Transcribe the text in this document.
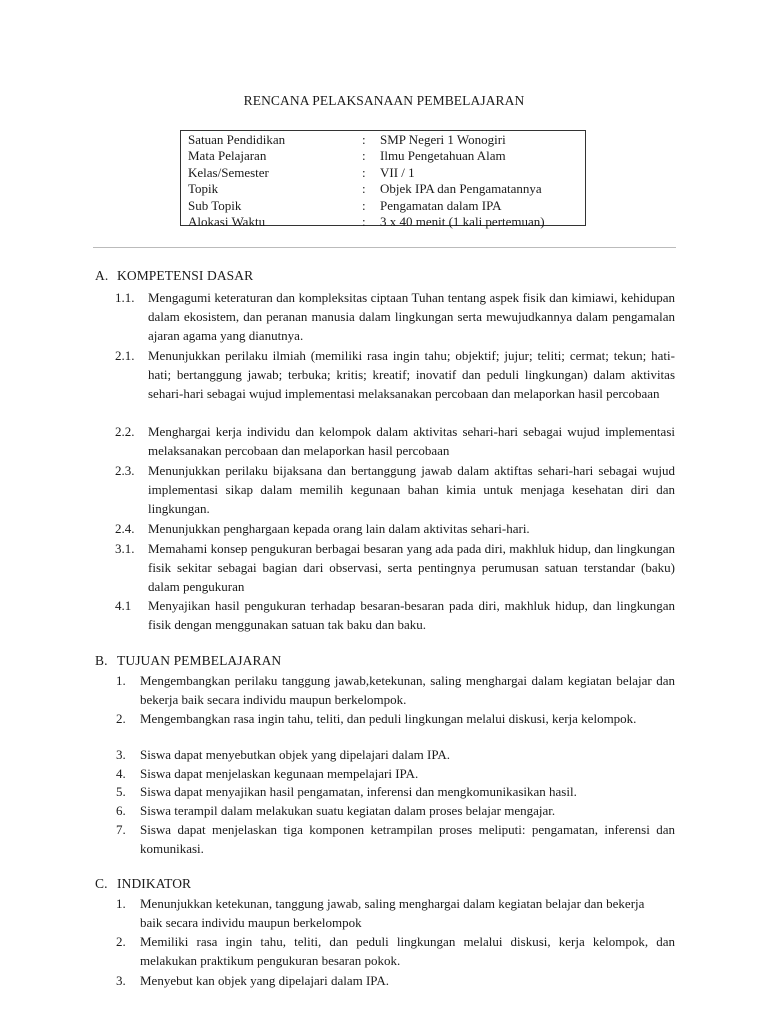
RENCANA PELAKSANAAN PEMBELAJARAN
Satuan Pendidikan	: SMP Negeri 1 Wonogiri
Mata Pelajaran	: Ilmu Pengetahuan Alam
Kelas/Semester	: VII / 1
Topik	: Objek IPA dan Pengamatannya
Sub Topik	: Pengamatan dalam IPA
Alokasi Waktu	: 3 x 40 menit (1 kali pertemuan)
A. KOMPETENSI DASAR
1.1. Mengagumi keteraturan dan kompleksitas ciptaan Tuhan tentang aspek fisik dan kimiawi, kehidupan dalam ekosistem, dan peranan manusia dalam lingkungan serta mewujudkannya dalam pengamalan ajaran agama yang dianutnya.
2.1. Menunjukkan perilaku ilmiah (memiliki rasa ingin tahu; objektif; jujur; teliti; cermat; tekun; hati-hati; bertanggung jawab; terbuka; kritis; kreatif; inovatif dan peduli lingkungan) dalam aktivitas sehari-hari sebagai wujud implementasi melaksanakan percobaan dan melaporkan hasil percobaan
2.2. Menghargai kerja individu dan kelompok dalam aktivitas sehari-hari sebagai wujud implementasi melaksanakan percobaan dan melaporkan hasil percobaan
2.3. Menunjukkan perilaku bijaksana dan bertanggung jawab dalam aktiftas sehari-hari sebagai wujud implementasi sikap dalam memilih kegunaan bahan kimia untuk menjaga kesehatan diri dan lingkungan.
2.4. Menunjukkan penghargaan kepada orang lain dalam aktivitas sehari-hari.
3.1. Memahami konsep pengukuran berbagai besaran yang ada pada diri, makhluk hidup, dan lingkungan fisik sekitar sebagai bagian dari observasi, serta pentingnya perumusan satuan terstandar (baku) dalam pengukuran
4.1 Menyajikan hasil pengukuran terhadap besaran-besaran pada diri, makhluk hidup, dan lingkungan fisik dengan menggunakan satuan tak baku dan baku.
B. TUJUAN PEMBELAJARAN
1. Mengembangkan perilaku tanggung jawab,ketekunan, saling menghargai dalam kegiatan belajar dan bekerja baik secara individu maupun berkelompok.
2. Mengembangkan rasa ingin tahu, teliti, dan peduli lingkungan melalui diskusi, kerja kelompok.
3. Siswa dapat menyebutkan objek yang dipelajari dalam IPA.
4. Siswa dapat menjelaskan kegunaan mempelajari IPA.
5. Siswa dapat menyajikan hasil pengamatan, inferensi dan mengkomunikasikan hasil.
6. Siswa terampil dalam melakukan suatu kegiatan dalam proses belajar mengajar.
7. Siswa dapat menjelaskan tiga komponen ketrampilan proses meliputi: pengamatan, inferensi dan komunikasi.
C. INDIKATOR
1. Menunjukkan ketekunan, tanggung jawab, saling menghargai dalam kegiatan belajar dan bekerja baik secara individu maupun berkelompok
2. Memiliki rasa ingin tahu, teliti, dan peduli lingkungan melalui diskusi, kerja kelompok, dan melakukan praktikum pengukuran besaran pokok.
3. Menyebut kan objek yang dipelajari dalam IPA.
